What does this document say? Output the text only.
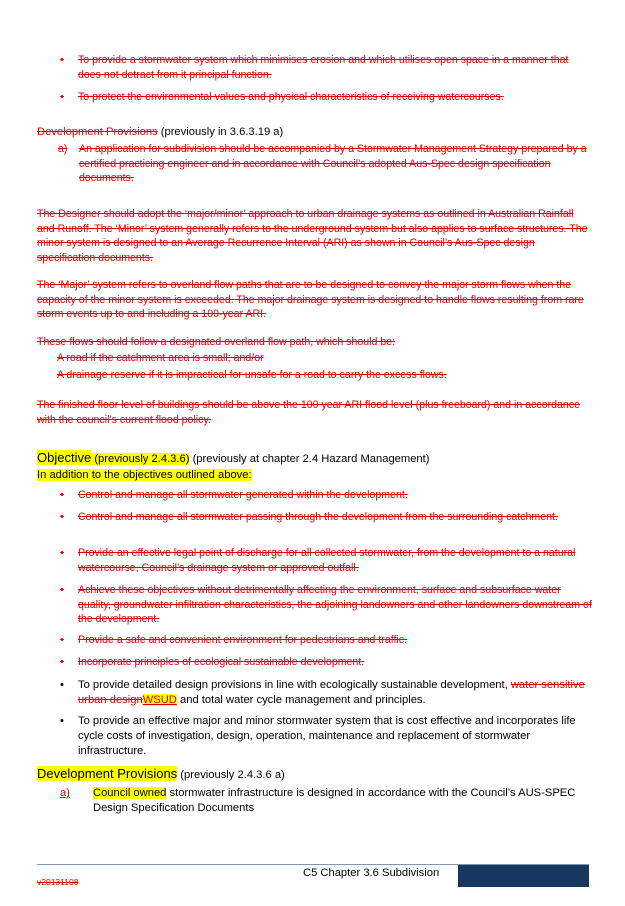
•	To provide a stormwater system which minimises erosion and which utilises open space in a manner that does not detract from it principal function.
•	To protect the environmental values and physical characteristics of receiving watercourses.
Development Provisions (previously in 3.6.3.19 a)
a) An application for subdivision should be accompanied by a Stormwater Management Strategy prepared by a certified practicing engineer and in accordance with Council’s adopted Aus-Spec design specification documents.
The Designer should adopt the ‘major/minor’ approach to urban drainage systems as outlined in Australian Rainfall and Runoff. The ‘Minor’ system generally refers to the underground system but also applies to surface structures. The minor system is designed to an Average Recurrence Interval (ARI) as shown in Council’s Aus-Spec design specification documents.
The ‘Major’ system refers to overland flow paths that are to be designed to convey the major storm flows when the capacity of the minor system is exceeded. The major drainage system is designed to handle flows resulting from rare storm events up to and including a 100-year ARI.
These flows should follow a designated overland flow path, which should be:
A road if the catchment area is small; and/or
A drainage reserve if it is impractical for unsafe for a road to carry the excess flows.
The finished floor level of buildings should be above the 100 year ARI flood level (plus freeboard) and in accordance with the council’s current flood policy.
Objective (previously 2.4.3.6) (previously at chapter 2.4 Hazard Management)
In addition to the objectives outlined above:
•	Control and manage all stormwater generated within the development.
•	Control and manage all stormwater passing through the development from the surrounding catchment.
•	Provide an effective legal point of discharge for all collected stormwater, from the development to a natural watercourse, Council’s drainage system or approved outfall.
•	Achieve these objectives without detrimentally affecting the environment, surface and subsurface water quality, groundwater infiltration characteristics, the adjoining landowners and other landowners downstream of the development.
•	Provide a safe and convenient environment for pedestrians and traffic.
•	Incorporate principles of ecological sustainable development.
•	To provide detailed design provisions in line with ecologically sustainable development, water sensitive urban designWSUD and total water cycle management and principles.
•	To provide an effective major and minor stormwater system that is cost effective and incorporates life cycle costs of investigation, design, operation, maintenance and replacement of stormwater infrastructure.
Development Provisions (previously 2.4.3.6 a)
a) Council owned stormwater infrastructure is designed in accordance with the Council’s AUS-SPEC Design Specification Documents
C5 Chapter 3.6 Subdivision
v20131108
